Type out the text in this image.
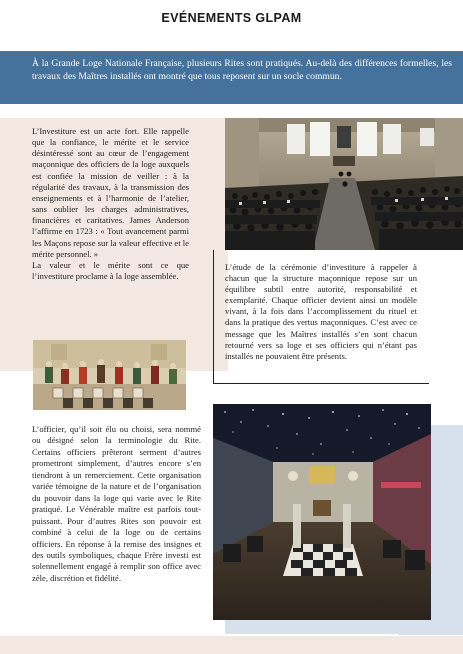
EVÉNEMENTS GLPAM
À la Grande Loge Nationale Française, plusieurs Rites sont pratiqués. Au-delà des différences formelles, les travaux des Maîtres installés ont montré que tous reposent sur un socle commun.

L’Investiture est un acte fort. Elle rappelle que la confiance, le mérite et le service désintéressé sont au cœur de l’engagement maçonnique des officiers de la loge auxquels est confiée la mission de veiller : à la régularité des travaux, à la transmission des enseignements et à l’harmonie de l’atelier, sans oublier les charges administratives, financières et caritatives. James Anderson l’affirme en 1723 : « Tout avancement parmi les Maçons repose sur la valeur effective et le mérite personnel. »

La valeur et le mérite sont ce que l’investiture proclame à la loge assemblée.

L’étude de la cérémonie d’investiture à rappeler à chacun que la structure maçonnique repose sur un équilibre subtil entre autorité, responsabilité et exemplarité. Chaque officier devient ainsi un modèle vivant, à la fois dans l’accomplissement du rituel et dans la pratique des vertus maçonniques. C’est avec ce message que les Maîtres installés s’en sont chacun retourné vers sa loge et ses officiers qui n’étant pas installés ne pouvaient être présents.
L’officier, qu’il soit élu ou choisi, sera nommé ou désigné selon la terminologie du Rite. Certains officiers prêteront serment d’autres promettront simplement, d’autres encore s’en tiendront à un remerciement. Cette organisation variée témoigne de la nature et de l’organisation du pouvoir dans la loge qui varie avec le Rite pratiqué. Le Vénérable maître est parfois tout-puissant. Pour d’autres Rites son pouvoir est combiné à celui de la loge ou de certains officiers. En réponse à la remise des insignes et des outils symboliques, chaque Frère investi est solennellement engagé à remplir son office avec zèle, discrétion et fidélité.
